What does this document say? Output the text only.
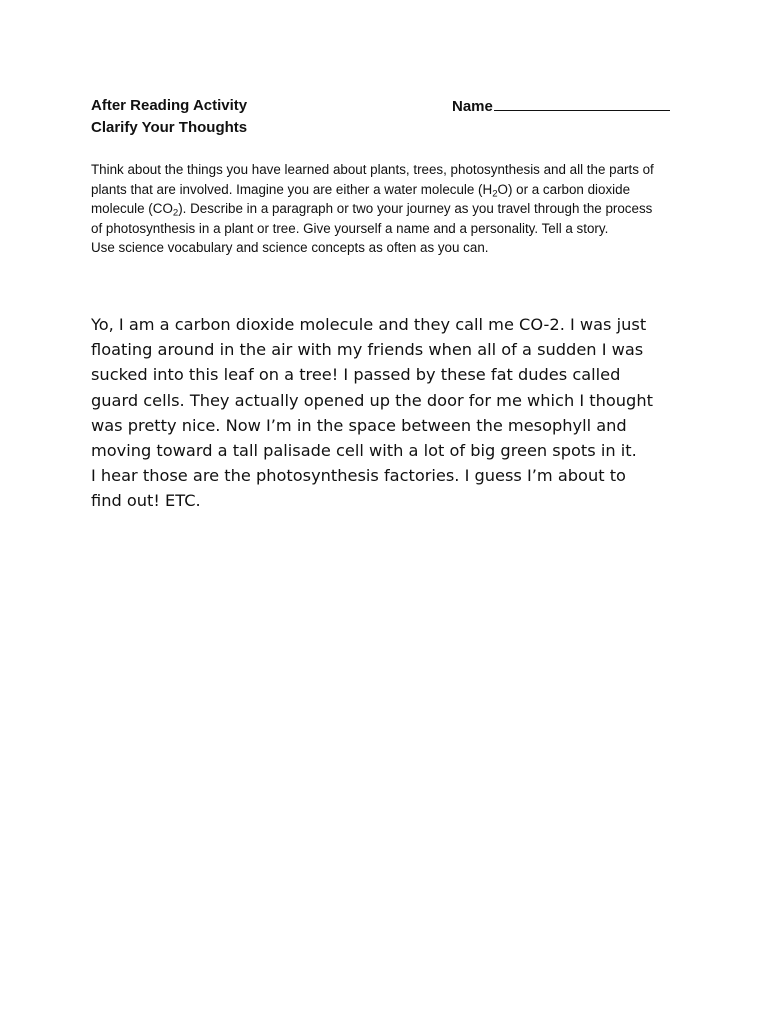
After Reading Activity
Clarify Your Thoughts
Name
Think about the things you have learned about plants, trees, photosynthesis and all the parts of
plants that are involved. Imagine you are either a water molecule $(H_2O)$ or a carbon dioxide
molecule $(CO_2)$. Describe in a paragraph or two your journey as you travel through the process
of photosynthesis in a plant or tree. Give yourself a name and a personality. Tell a story.
Use science vocabulary and science concepts as often as you can.
Yo, I am a carbon dioxide molecule and they call me CO-2. I was just
floating around in the air with my friends when all of a sudden I was
sucked into this leaf on a tree! I passed by these fat dudes called
guard cells. They actually opened up the door for me which I thought
was pretty nice. Now I’m in the space between the mesophyll and
moving toward a tall palisade cell with a lot of big green spots in it.
I hear those are the photosynthesis factories. I guess I’m about to
find out! ETC.
